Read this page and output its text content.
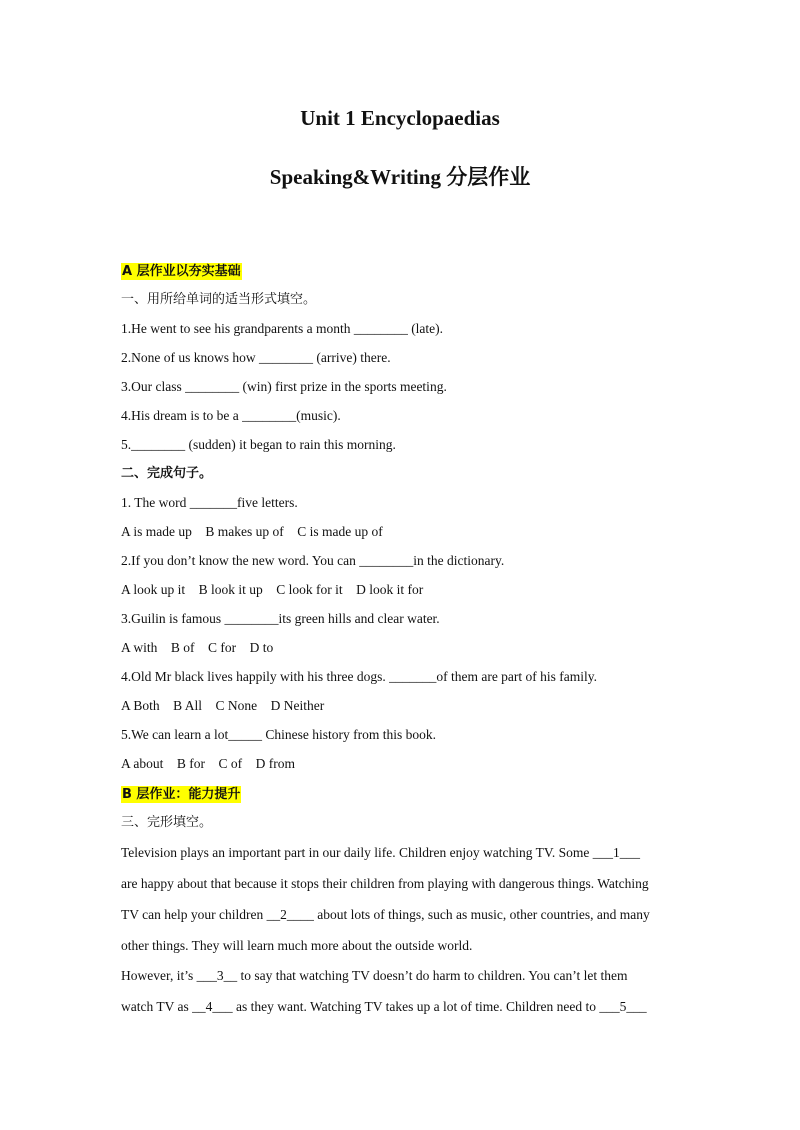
Unit 1 Encyclopaedias
Speaking&Writing 分层作业
A 层作业以夯实基础
一、用所给单词的适当形式填空。
1.He went to see his grandparents a month ________ (late).
2.None of us knows how ________ (arrive) there.
3.Our class ________ (win) first prize in the sports meeting.
4.His dream is to be a ________(music).
5.________ (sudden) it began to rain this morning.
二、完成句子。
1. The word _______five letters.
A is made up    B makes up of    C is made up of
2.If you don’t know the new word. You can ________in the dictionary.
A look up it    B look it up    C look for it    D look it for
3.Guilin is famous ________its green hills and clear water.
A with    B of    C for    D to
4.Old Mr black lives happily with his three dogs. _______of them are part of his family.
A Both    B All    C None    D Neither
5.We can learn a lot_____ Chinese history from this book.
A about    B for    C of    D from
B 层作业：能力提升
三、完形填空。
Television plays an important part in our daily life. Children enjoy watching TV. Some ___1___
are happy about that because it stops their children from playing with dangerous things. Watching
TV can help your children __2____ about lots of things, such as music, other countries, and many
other things. They will learn much more about the outside world.
However, it’s ___3__ to say that watching TV doesn’t do harm to children. You can’t let them
watch TV as __4___ as they want. Watching TV takes up a lot of time. Children need to ___5___
